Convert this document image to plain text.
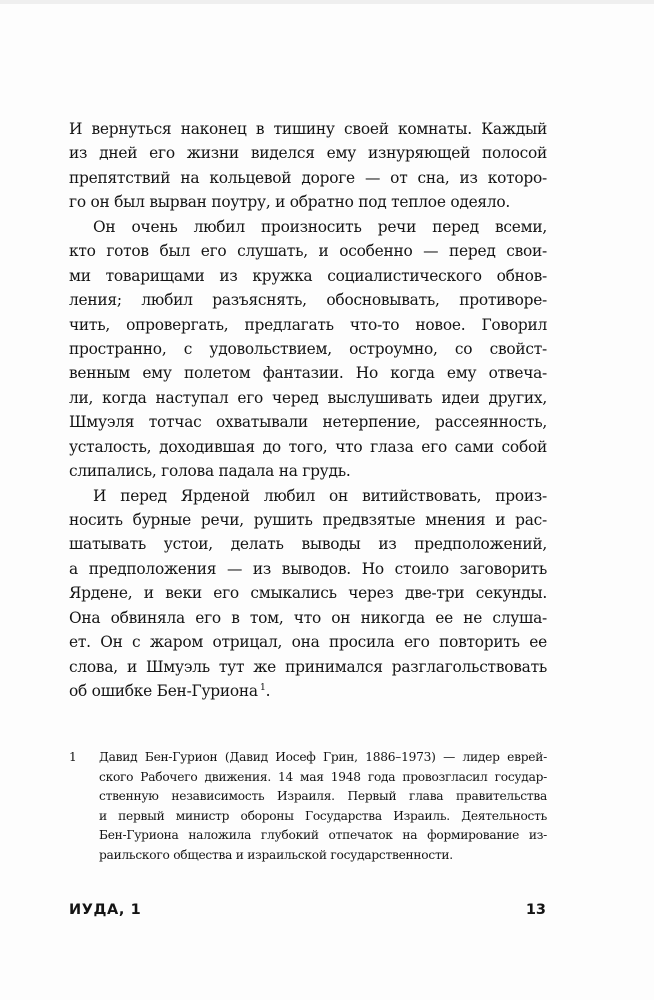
И вернуться наконец в тишину своей комнаты. Каждый
из дней его жизни виделся ему изнуряющей полосой
препятствий на кольцевой дороге — от сна, из которо-
го он был вырван поутру, и обратно под теплое одеяло.
Он очень любил произносить речи перед всеми,
кто готов был его слушать, и особенно — перед свои-
ми товарищами из кружка социалистического обнов-
ления; любил разъяснять, обосновывать, противоре-
чить, опровергать, предлагать что-то новое. Говорил
пространно, с удовольствием, остроумно, со свойст-
венным ему полетом фантазии. Но когда ему отвеча-
ли, когда наступал его черед выслушивать идеи других,
Шмуэля тотчас охватывали нетерпение, рассеянность,
усталость, доходившая до того, что глаза его сами собой
слипались, голова падала на грудь.
И перед Ярденой любил он витийствовать, произ-
носить бурные речи, рушить предвзятые мнения и рас-
шатывать устои, делать выводы из предположений,
а предположения — из выводов. Но стоило заговорить
Ярдене, и веки его смыкались через две-три секунды.
Она обвиняла его в том, что он никогда ее не слуша-
ет. Он с жаром отрицал, она просила его повторить ее
слова, и Шмуэль тут же принимался разглагольствовать
об ошибке Бен-Гуриона $^1$.
1 Давид Бен-Гурион (Давид Иосеф Грин, 1886–1973) — лидер еврей-
ского Рабочего движения. 14 мая 1948 года провозгласил государ-
ственную независимость Израиля. Первый глава правительства
и первый министр обороны Государства Израиль. Деятельность
Бен-Гуриона наложила глубокий отпечаток на формирование из-
раильского общества и израильской государственности.
ИУДА, 1	13
